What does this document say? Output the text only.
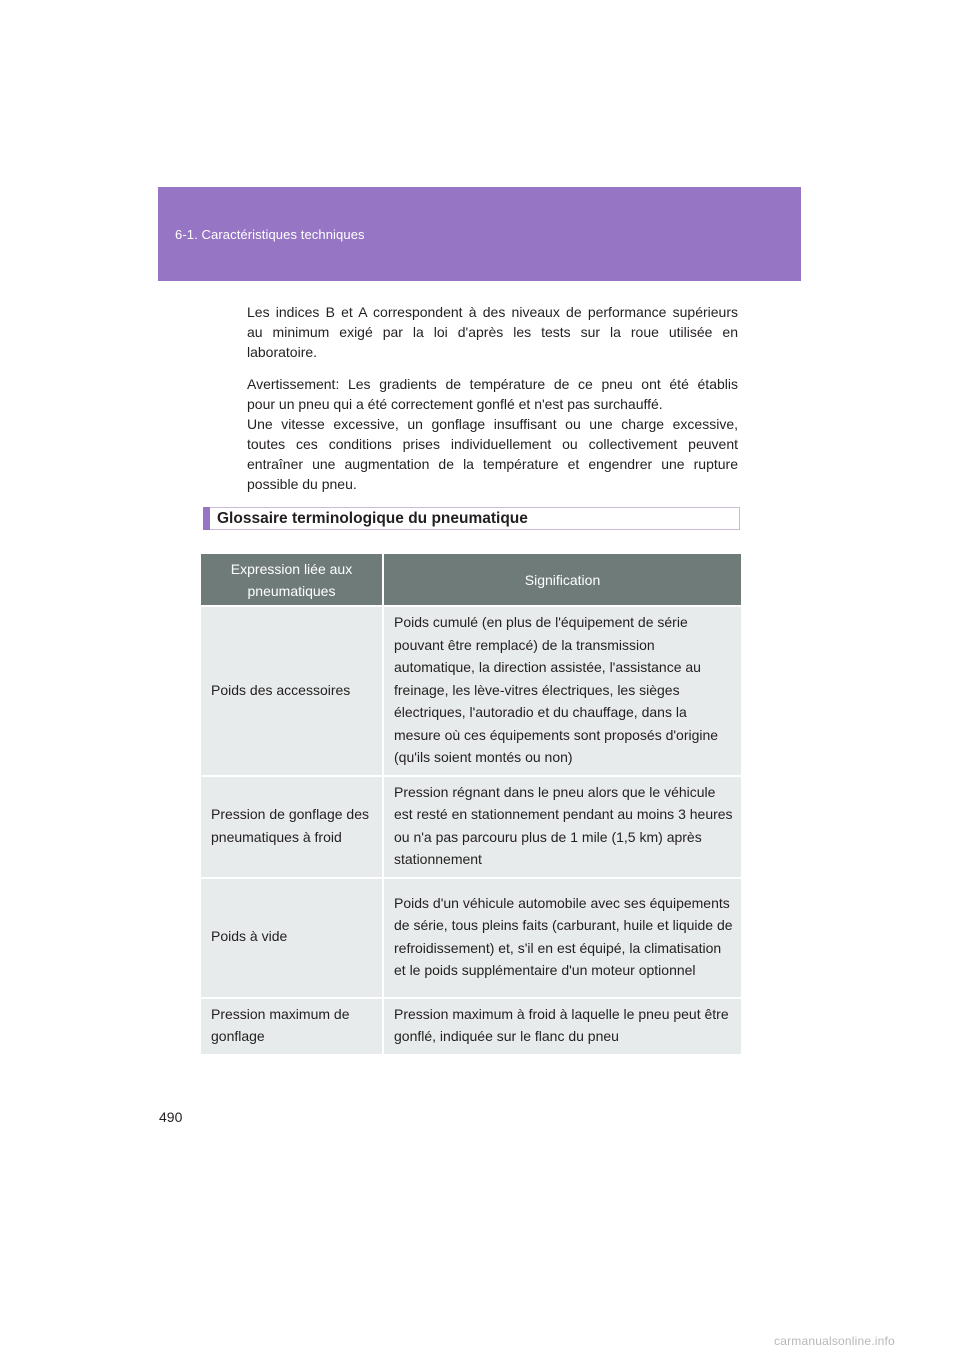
6-1. Caractéristiques techniques
Les indices B et A correspondent à des niveaux de performance supérieurs
au minimum exigé par la loi d'après les tests sur la roue utilisée en
laboratoire.
Avertissement: Les gradients de température de ce pneu ont été établis
pour un pneu qui a été correctement gonflé et n'est pas surchauffé.
Une vitesse excessive, un gonflage insuffisant ou une charge excessive,
toutes ces conditions prises individuellement ou collectivement peuvent
entraîner une augmentation de la température et engendrer une rupture
possible du pneu.
Glossaire terminologique du pneumatique
Expression liée aux pneumatiques	Signification
Poids des accessoires	Poids cumulé (en plus de l'équipement de série pouvant être remplacé) de la transmission automatique, la direction assistée, l'assistance au freinage, les lève-vitres électriques, les sièges électriques, l'autoradio et du chauffage, dans la mesure où ces équipements sont proposés d'origine (qu'ils soient montés ou non)
Pression de gonflage des pneumatiques à froid	Pression régnant dans le pneu alors que le véhicule est resté en stationnement pendant au moins 3 heures ou n'a pas parcouru plus de 1 mile (1,5 km) après stationnement
Poids à vide	Poids d'un véhicule automobile avec ses équipements de série, tous pleins faits (carburant, huile et liquide de refroidissement) et, s'il en est équipé, la climatisation et le poids supplémentaire d'un moteur optionnel
Pression maximum de gonflage	Pression maximum à froid à laquelle le pneu peut être gonflé, indiquée sur le flanc du pneu
490
carmanualsonline.info
